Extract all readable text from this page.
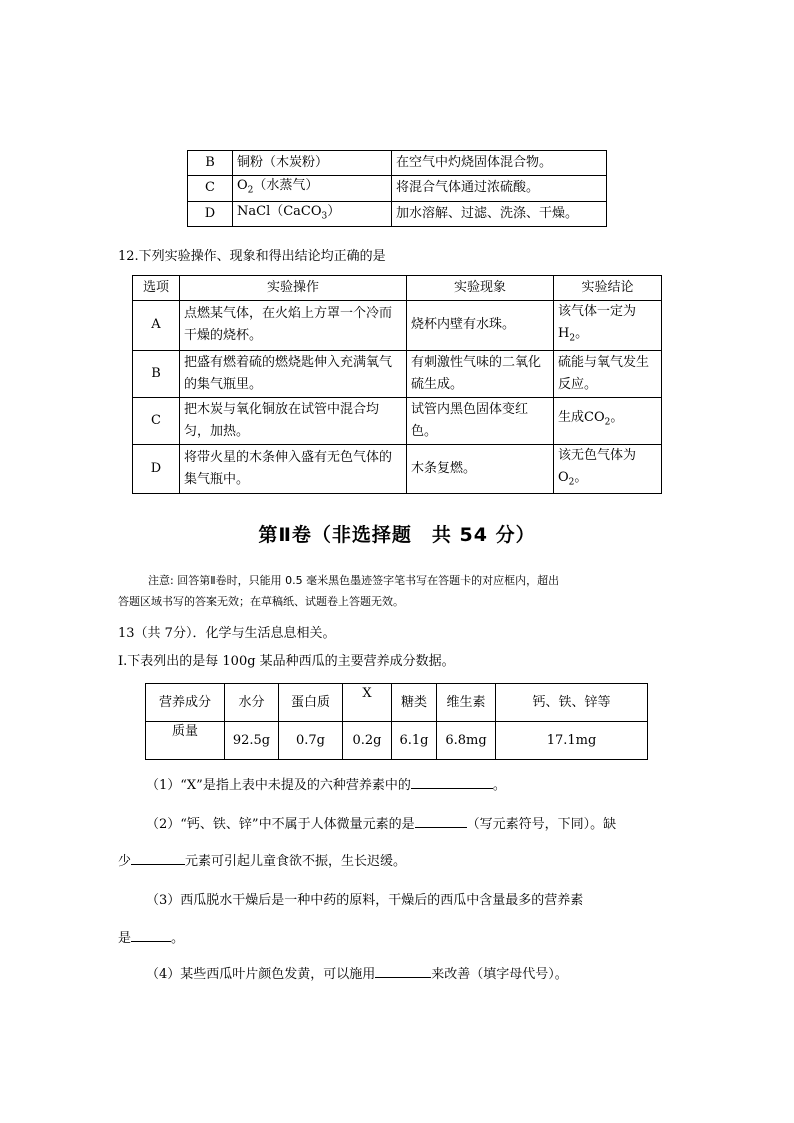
B	铜粉（木炭粉）	在空气中灼烧固体混合物。
C	$O_2$（水蒸气）	将混合气体通过浓硫酸。
D	NaCl（CaCO$_3$）	加水溶解、过滤、洗涤、干燥。
12.下列实验操作、现象和得出结论均正确的是
选项	实验操作	实验现象	实验结论
A	点燃某气体，在火焰上方罩一个冷而干燥的烧杯。	烧杯内壁有水珠。	该气体一定为$H_2$。
B	把盛有燃着硫的燃烧匙伸入充满氧气的集气瓶里。	有刺激性气味的二氧化硫生成。	硫能与氧气发生反应。
C	把木炭与氧化铜放在试管中混合均匀，加热。	试管内黑色固体变红色。	生成$CO_2$。
D	将带火星的木条伸入盛有无色气体的集气瓶中。	木条复燃。	该无色气体为$O_2$。
第Ⅱ卷（非选择题　共 54 分）
注意: 回答第Ⅱ卷时，只能用 0.5 毫米黑色墨迹签字笔书写在答题卡的对应框内，超出
答题区域书写的答案无效；在草稿纸、试题卷上答题无效。
13（共 7分）．化学与生活息息相关。
Ⅰ.下表列出的是每 100g 某品种西瓜的主要营养成分数据。
营养成分	水分	蛋白质	X	糖类	维生素	钙、铁、锌等
质量	92.5g	0.7g	0.2g	6.1g	6.8mg	17.1mg
（1）“X”是指上表中未提及的六种营养素中的	。
（2）“钙、铁、锌”中不属于人体微量元素的是	（写元素符号，下同）。缺
少	元素可引起儿童食欲不振，生长迟缓。
（3）西瓜脱水干燥后是一种中药的原料，干燥后的西瓜中含量最多的营养素
是	。
（4）某些西瓜叶片颜色发黄，可以施用	来改善（填字母代号）。
